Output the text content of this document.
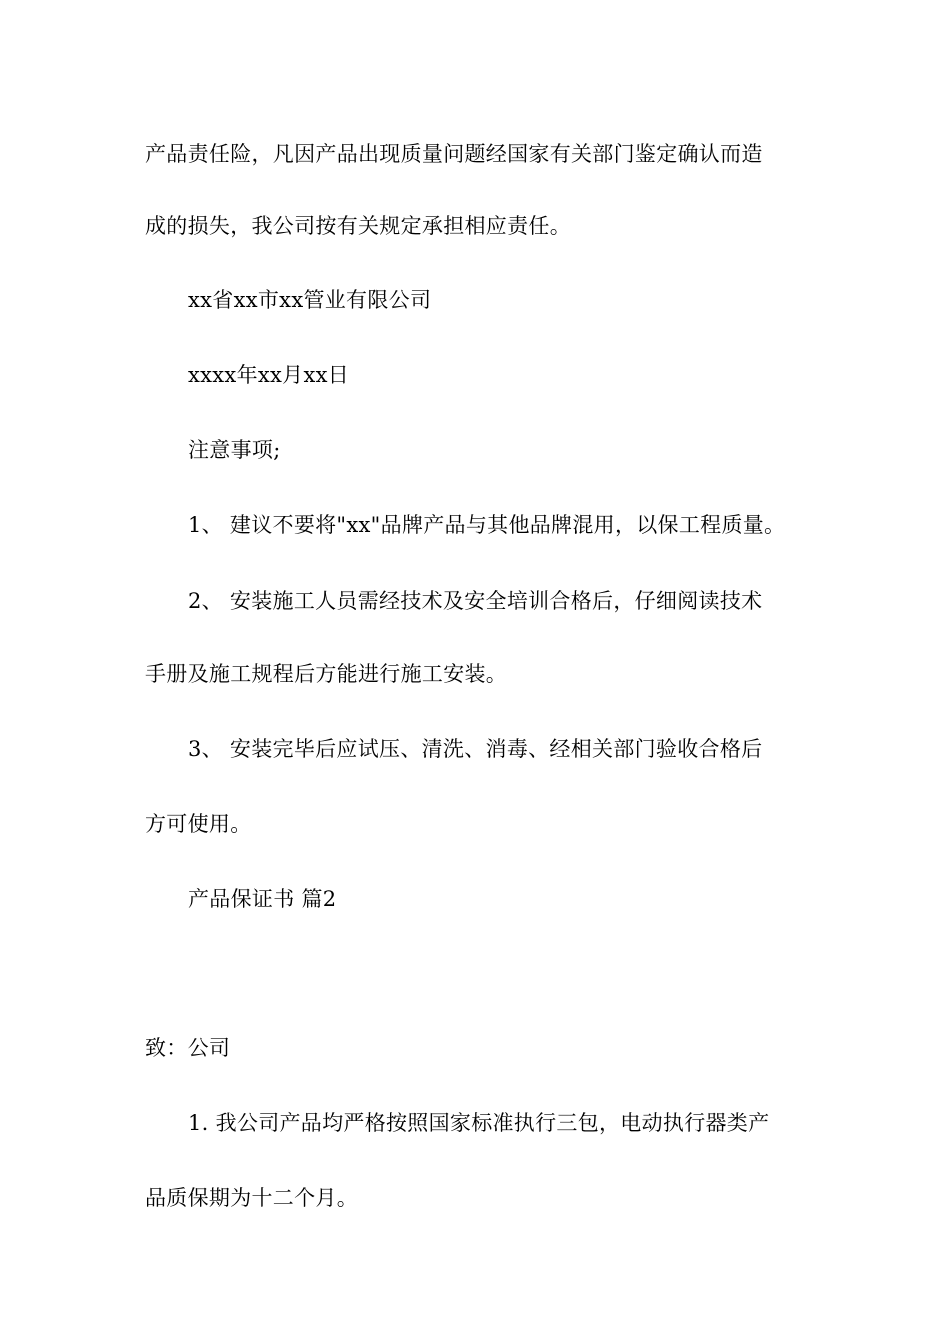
产品责任险，凡因产品出现质量问题经国家有关部门鉴定确认而造
成的损失，我公司按有关规定承担相应责任。
xx省xx市xx管业有限公司
xxxx年xx月xx日
注意事项;
1、 建议不要将"xx"品牌产品与其他品牌混用，以保工程质量。
2、 安装施工人员需经技术及安全培训合格后，仔细阅读技术
手册及施工规程后方能进行施工安装。
3、 安装完毕后应试压、清洗、消毒、经相关部门验收合格后
方可使用。
产品保证书 篇2
致：公司
1. 我公司产品均严格按照国家标准执行三包，电动执行器类产
品质保期为十二个月。
